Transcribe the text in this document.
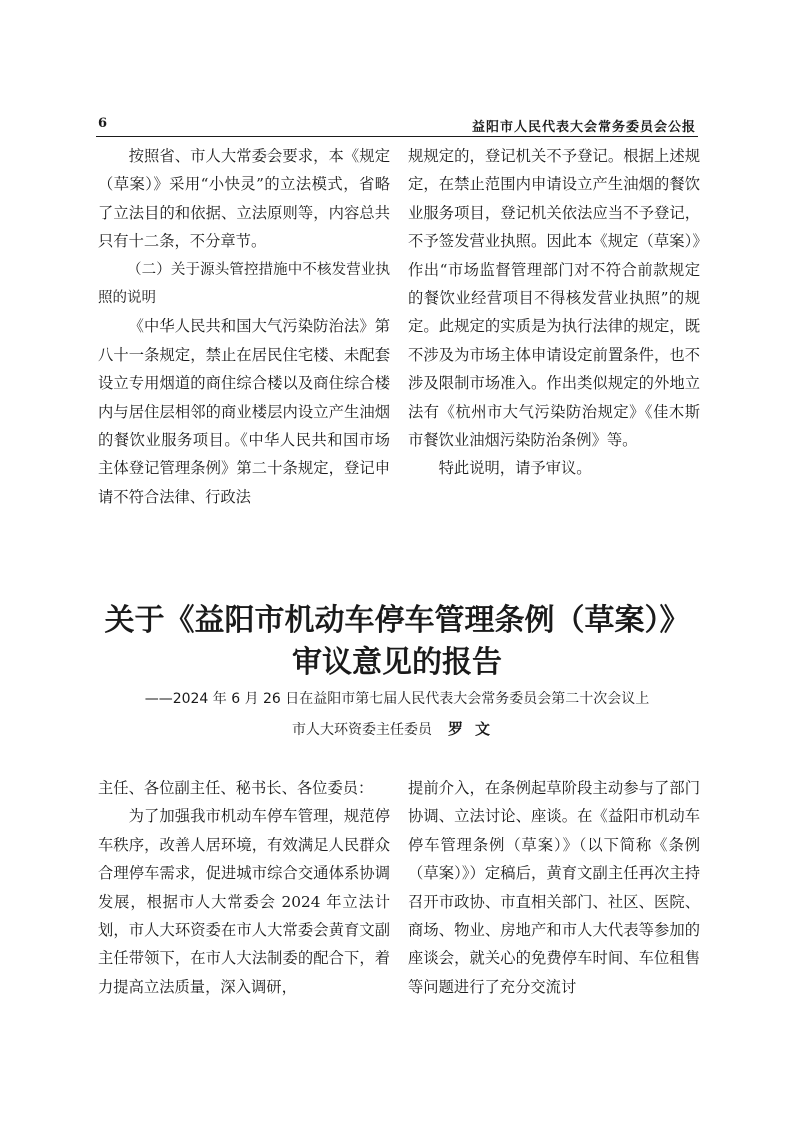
6	益阳市人民代表大会常务委员会公报

按照省、市人大常委会要求，本《规定（草案）》采用“小快灵”的立法模式，省略了立法目的和依据、立法原则等，内容总共只有十二条，不分章节。

（二）关于源头管控措施中不核发营业执照的说明

《中华人民共和国大气污染防治法》第八十一条规定，禁止在居民住宅楼、未配套设立专用烟道的商住综合楼以及商住综合楼内与居住层相邻的商业楼层内设立产生油烟的餐饮业服务项目。《中华人民共和国市场主体登记管理条例》第二十条规定，登记申请不符合法律、行政法

规规定的，登记机关不予登记。根据上述规定，在禁止范围内申请设立产生油烟的餐饮业服务项目，登记机关依法应当不予登记，不予签发营业执照。因此本《规定（草案）》作出“市场监督管理部门对不符合前款规定的餐饮业经营项目不得核发营业执照”的规定。此规定的实质是为执行法律的规定，既不涉及为市场主体申请设定前置条件，也不涉及限制市场准入。作出类似规定的外地立法有《杭州市大气污染防治规定》《佳木斯市餐饮业油烟污染防治条例》等。

特此说明，请予审议。

关于《益阳市机动车停车管理条例（草案）》
审议意见的报告
——2024 年 6 月 26 日在益阳市第七届人民代表大会常务委员会第二十次会议上
市人大环资委主任委员 罗文

主任、各位副主任、秘书长、各位委员：

为了加强我市机动车停车管理，规范停车秩序，改善人居环境，有效满足人民群众合理停车需求，促进城市综合交通体系协调发展，根据市人大常委会 2024 年立法计划，市人大环资委在市人大常委会黄育文副主任带领下，在市人大法制委的配合下，着力提高立法质量，深入调研，

提前介入，在条例起草阶段主动参与了部门协调、立法讨论、座谈。在《益阳市机动车停车管理条例（草案）》（以下简称《条例（草案）》）定稿后，黄育文副主任再次主持召开市政协、市直相关部门、社区、医院、商场、物业、房地产和市人大代表等参加的座谈会，就关心的免费停车时间、车位租售等问题进行了充分交流讨
